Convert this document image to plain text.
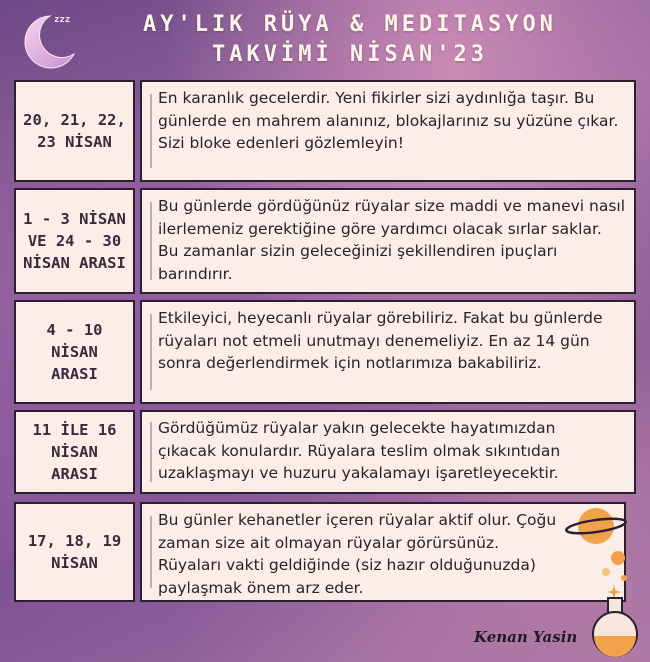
zzz	AY'LIK RÜYA & MEDITASYON
TAKVİMİ NİSAN'23
20, 21, 22,
23 NİSAN
En karanlık gecelerdir. Yeni fikirler sizi aydınlığa taşır. Bu günlerde en mahrem alanınız, blokajlarınız su yüzüne çıkar. Sizi bloke edenleri gözlemleyin!
1 - 3 NİSAN
VE 24 - 30
NİSAN ARASI
Bu günlerde gördüğünüz rüyalar size maddi ve manevi nasıl ilerlemeniz gerektiğine göre yardımcı olacak sırlar saklar. Bu zamanlar sizin geleceğinizi şekillendiren ipuçları barındırır.
4 - 10
NİSAN
ARASI
Etkileyici, heyecanlı rüyalar görebiliriz. Fakat bu günlerde rüyaları not etmeli unutmayı denemeliyiz. En az 14 gün sonra değerlendirmek için notlarımıza bakabiliriz.
11 İLE 16
NİSAN
ARASI
Gördüğümüz rüyalar yakın gelecekte hayatımızdan çıkacak konulardır. Rüyalara teslim olmak sıkıntıdan uzaklaşmayı ve huzuru yakalamayı işaretleyecektir.
17, 18, 19
NİSAN
Bu günler kehanetler içeren rüyalar aktif olur. Çoğu zaman size ait olmayan rüyalar görürsünüz. Rüyaları vakti geldiğinde (siz hazır olduğunuzda) paylaşmak önem arz eder.
Kenan Yasin
